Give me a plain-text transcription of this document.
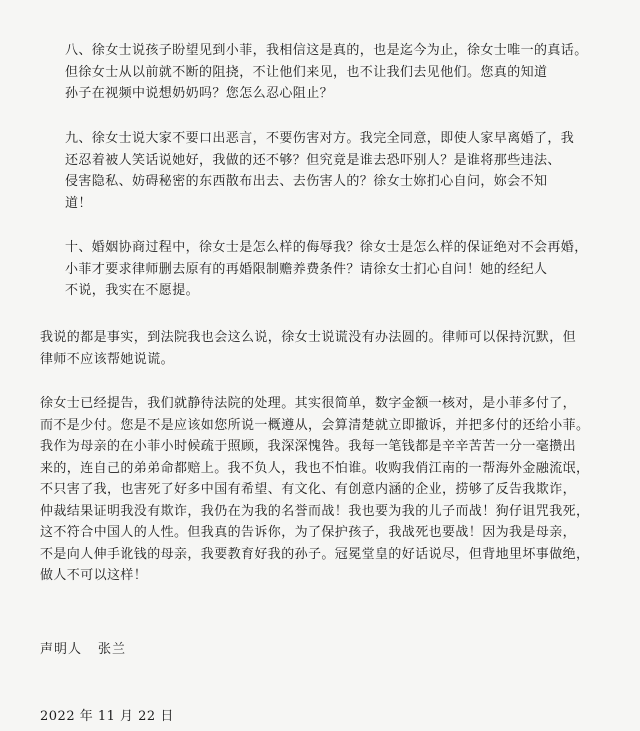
八、徐女士说孩子盼望见到小菲，我相信这是真的，也是迄今为止，徐女士唯一的真话。
但徐女士从以前就不断的阻挠，不让他们来见，也不让我们去见他们。您真的知道
孙子在视频中说想奶奶吗？您怎么忍心阻止？
九、徐女士说大家不要口出恶言，不要伤害对方。我完全同意，即使人家早离婚了，我
还忍着被人笑话说她好，我做的还不够？但究竟是谁去恐吓别人？是谁将那些违法、
侵害隐私、妨碍秘密的东西散布出去、去伤害人的？徐女士妳扪心自问，妳会不知
道！
十、婚姻协商过程中，徐女士是怎么样的侮辱我？徐女士是怎么样的保证绝对不会再婚，
小菲才要求律师删去原有的再婚限制赡养费条件？请徐女士扪心自问！她的经纪人
不说，我实在不愿提。
我说的都是事实，到法院我也会这么说，徐女士说谎没有办法圆的。律师可以保持沉默，但
律师不应该帮她说谎。
徐女士已经提告，我们就静待法院的处理。其实很简单，数字金额一核对，是小菲多付了，
而不是少付。您是不是应该如您所说一概遵从，会算清楚就立即撤诉，并把多付的还给小菲。
我作为母亲的在小菲小时候疏于照顾，我深深愧咎。我每一笔钱都是辛辛苦苦一分一毫攒出
来的，连自己的弟弟命都赔上。我不负人，我也不怕谁。收购我俏江南的一帮海外金融流氓，
不只害了我，也害死了好多中国有希望、有文化、有创意内涵的企业，捞够了反告我欺诈，
仲裁结果证明我没有欺诈，我仍在为我的名誉而战！我也要为我的儿子而战！狗仔诅咒我死，
这不符合中国人的人性。但我真的告诉你，为了保护孩子，我战死也要战！因为我是母亲，
不是向人伸手讹钱的母亲，我要教育好我的孙子。冠冕堂皇的好话说尽，但背地里坏事做绝，
做人不可以这样！
声明人 张兰
2022 年 11 月 22 日
